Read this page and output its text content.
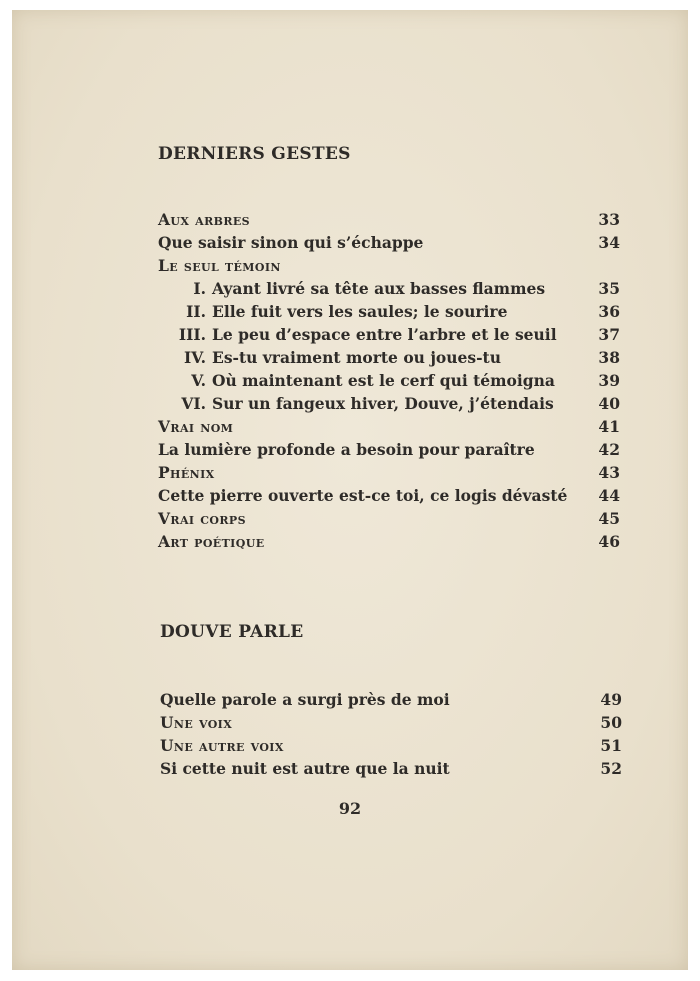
DERNIERS GESTES
Aux arbres	33
Que saisir sinon qui s’échappe	34
Le seul témoin
I. Ayant livré sa tête aux basses flammes	35
II. Elle fuit vers les saules; le sourire	36
III. Le peu d’espace entre l’arbre et le seuil	37
IV. Es-tu vraiment morte ou joues-tu	38
V. Où maintenant est le cerf qui témoigna	39
VI. Sur un fangeux hiver, Douve, j’étendais	40
Vrai nom	41
La lumière profonde a besoin pour paraître	42
Phénix	43
Cette pierre ouverte est-ce toi, ce logis dévasté 44
Vrai corps	45
Art poétique	46
DOUVE PARLE
Quelle parole a surgi près de moi	49
Une voix	50
Une autre voix	51
Si cette nuit est autre que la nuit	52
92
